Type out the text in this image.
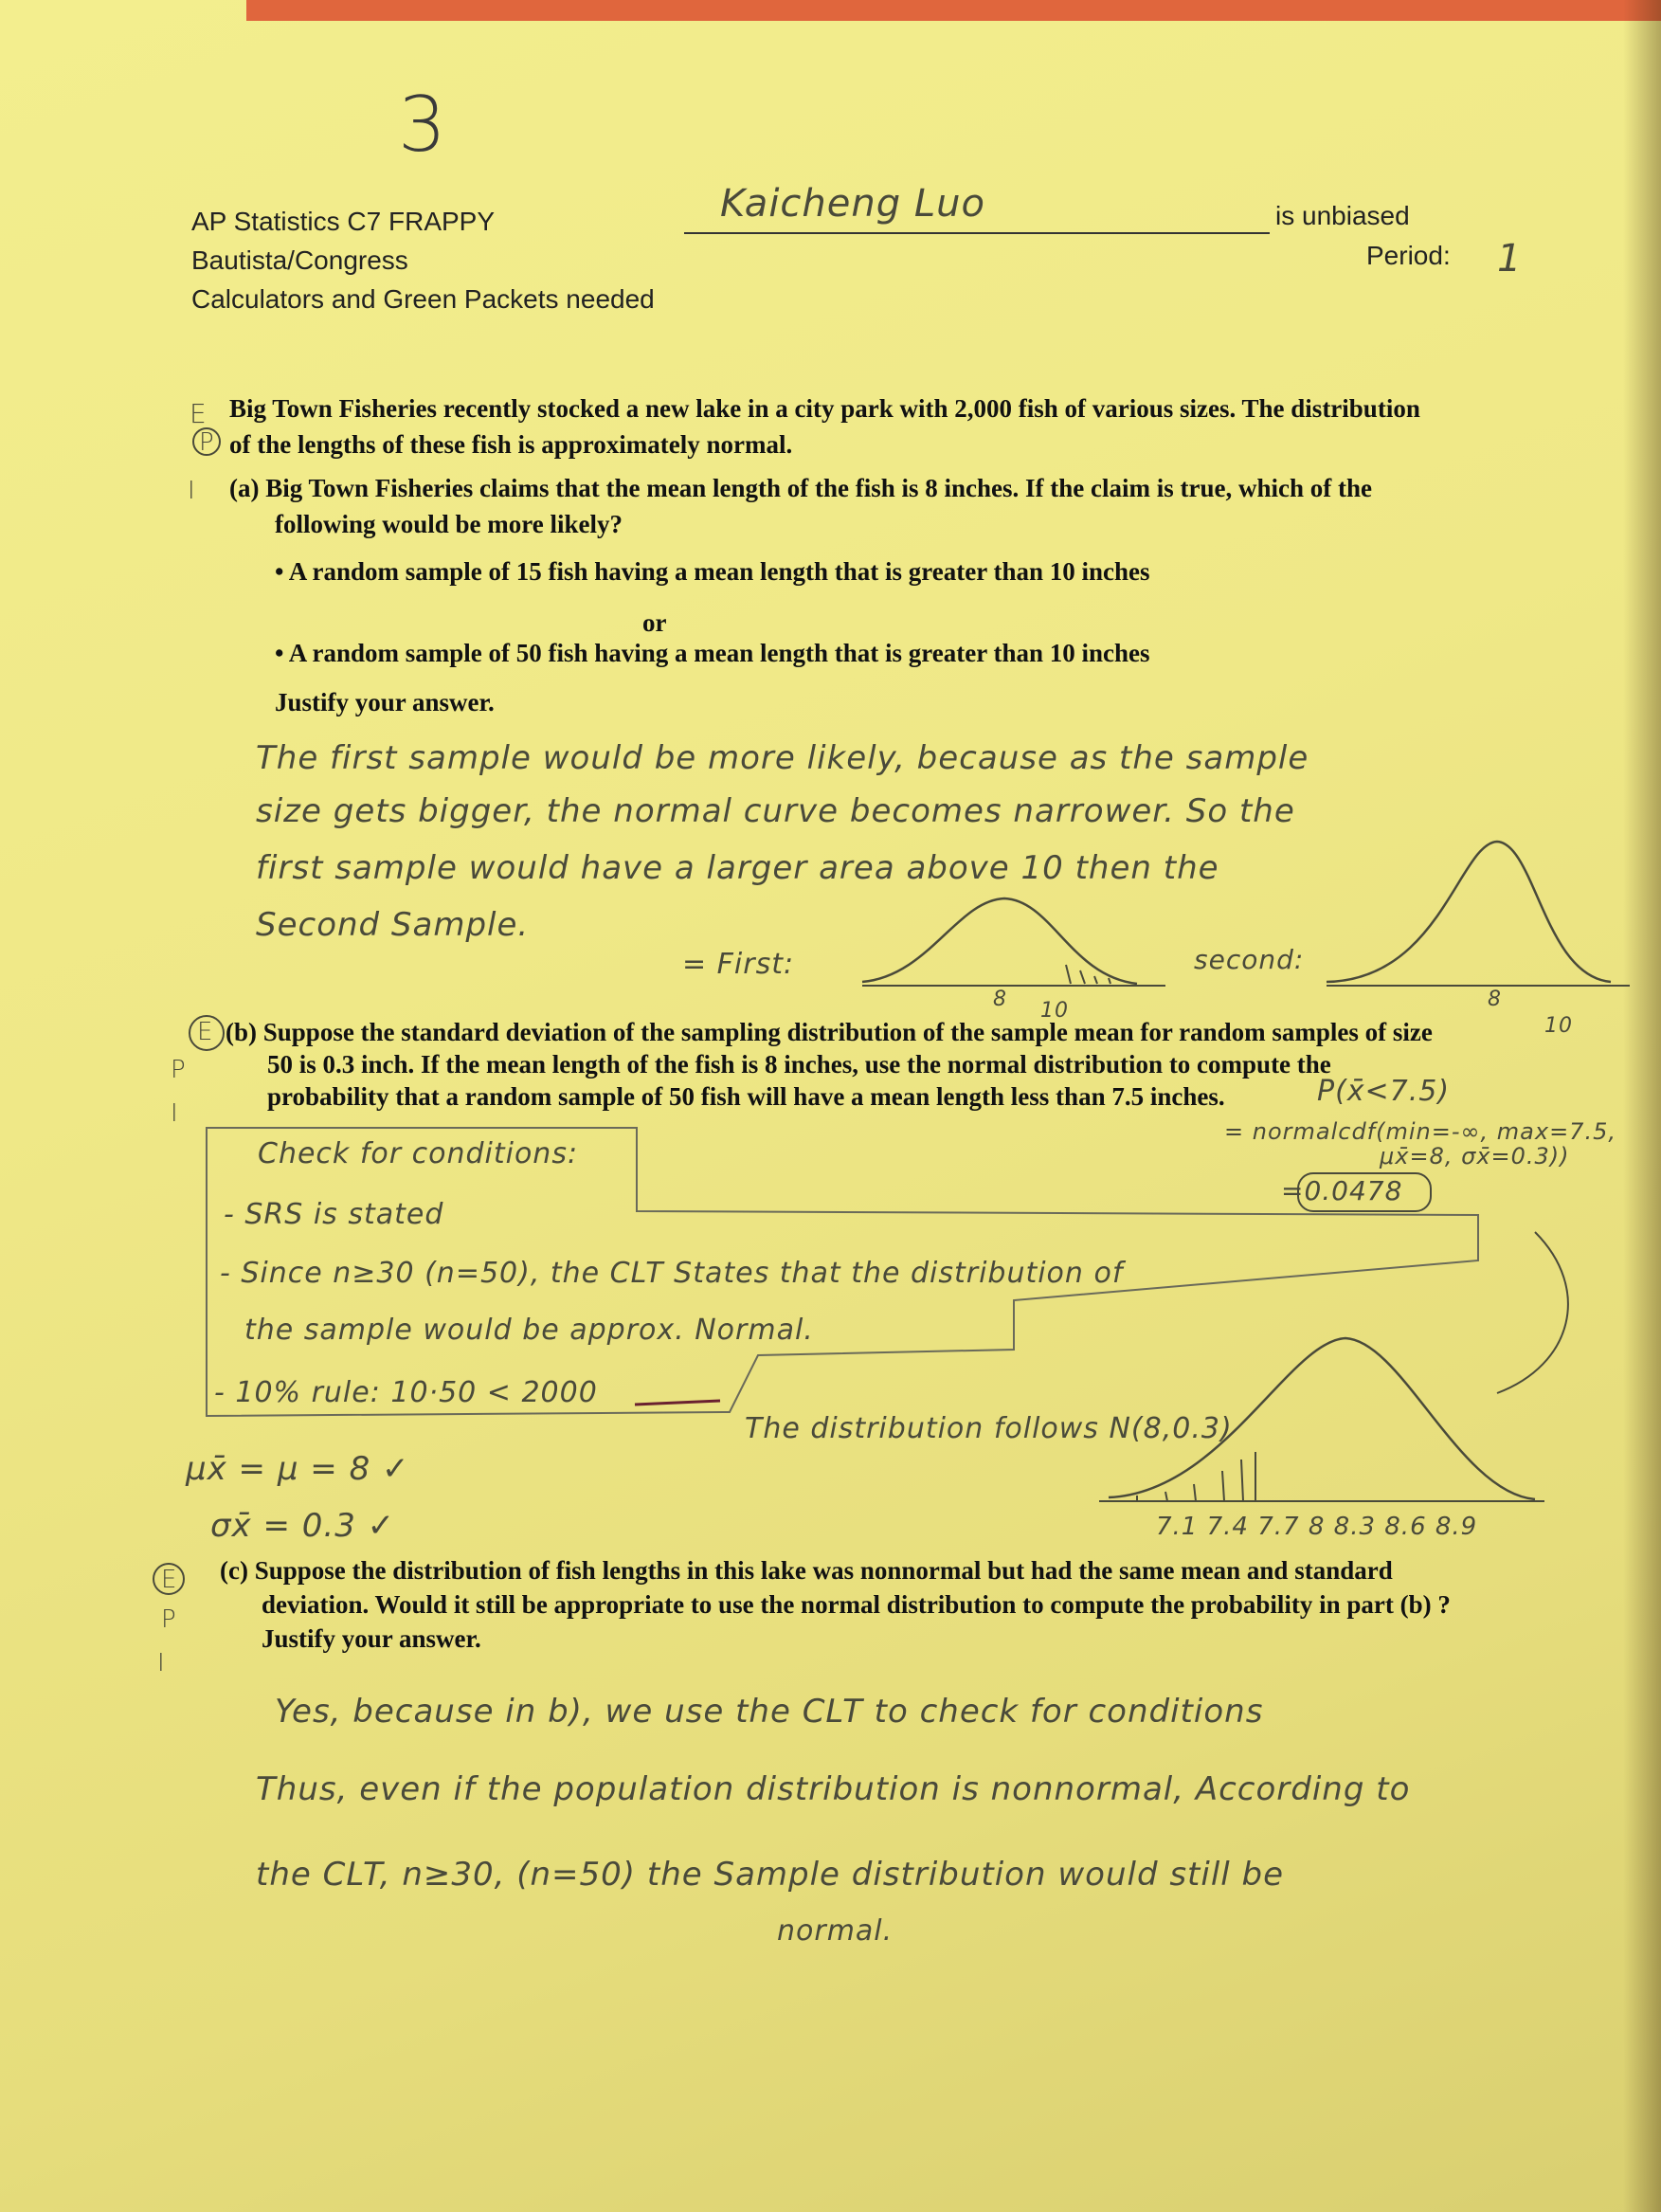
3
AP Statistics C7 FRAPPY
Bautista/Congress
Calculators and Green Packets needed
Kaicheng Luo	is unbiased
Period: 1
E
P
I
Big Town Fisheries recently stocked a new lake in a city park with 2,000 fish of various sizes. The distribution
of the lengths of these fish is approximately normal.
(a) Big Town Fisheries claims that the mean length of the fish is 8 inches. If the claim is true, which of the
following would be more likely?
• A random sample of 15 fish having a mean length that is greater than 10 inches
or
• A random sample of 50 fish having a mean length that is greater than 10 inches
Justify your answer.
The first sample would be more likely, because as the sample
size gets bigger, the normal curve becomes narrower. So the
first sample would have a larger area above 10 then the
Second Sample.
= First:	second:
8 10	8
10
E
P
I
(b) Suppose the standard deviation of the sampling distribution of the sample mean for random samples of size
50 is 0.3 inch. If the mean length of the fish is 8 inches, use the normal distribution to compute the
probability that a random sample of 50 fish will have a mean length less than 7.5 inches.	P(x̄<7.5)
= normalcdf(min=-∞, max=7.5,
μx̄=8, σx̄=0.3))
=0.0478
Check for conditions:
- SRS is stated
- Since n≥30 (n=50), the CLT States that the distribution of
the sample would be approx. Normal.
- 10% rule: 10·50 < 2000
μx̄ = μ = 8 ✓
σx̄ = 0.3 ✓
The distribution follows N(8,0.3)
7.1 7.4 7.7 8 8.3 8.6 8.9
E
P
I
(c) Suppose the distribution of fish lengths in this lake was nonnormal but had the same mean and standard
deviation. Would it still be appropriate to use the normal distribution to compute the probability in part (b) ?
Justify your answer.
Yes, because in b), we use the CLT to check for conditions
Thus, even if the population distribution is nonnormal, According to
the CLT, n≥30, (n=50) the Sample distribution would still be
normal.
